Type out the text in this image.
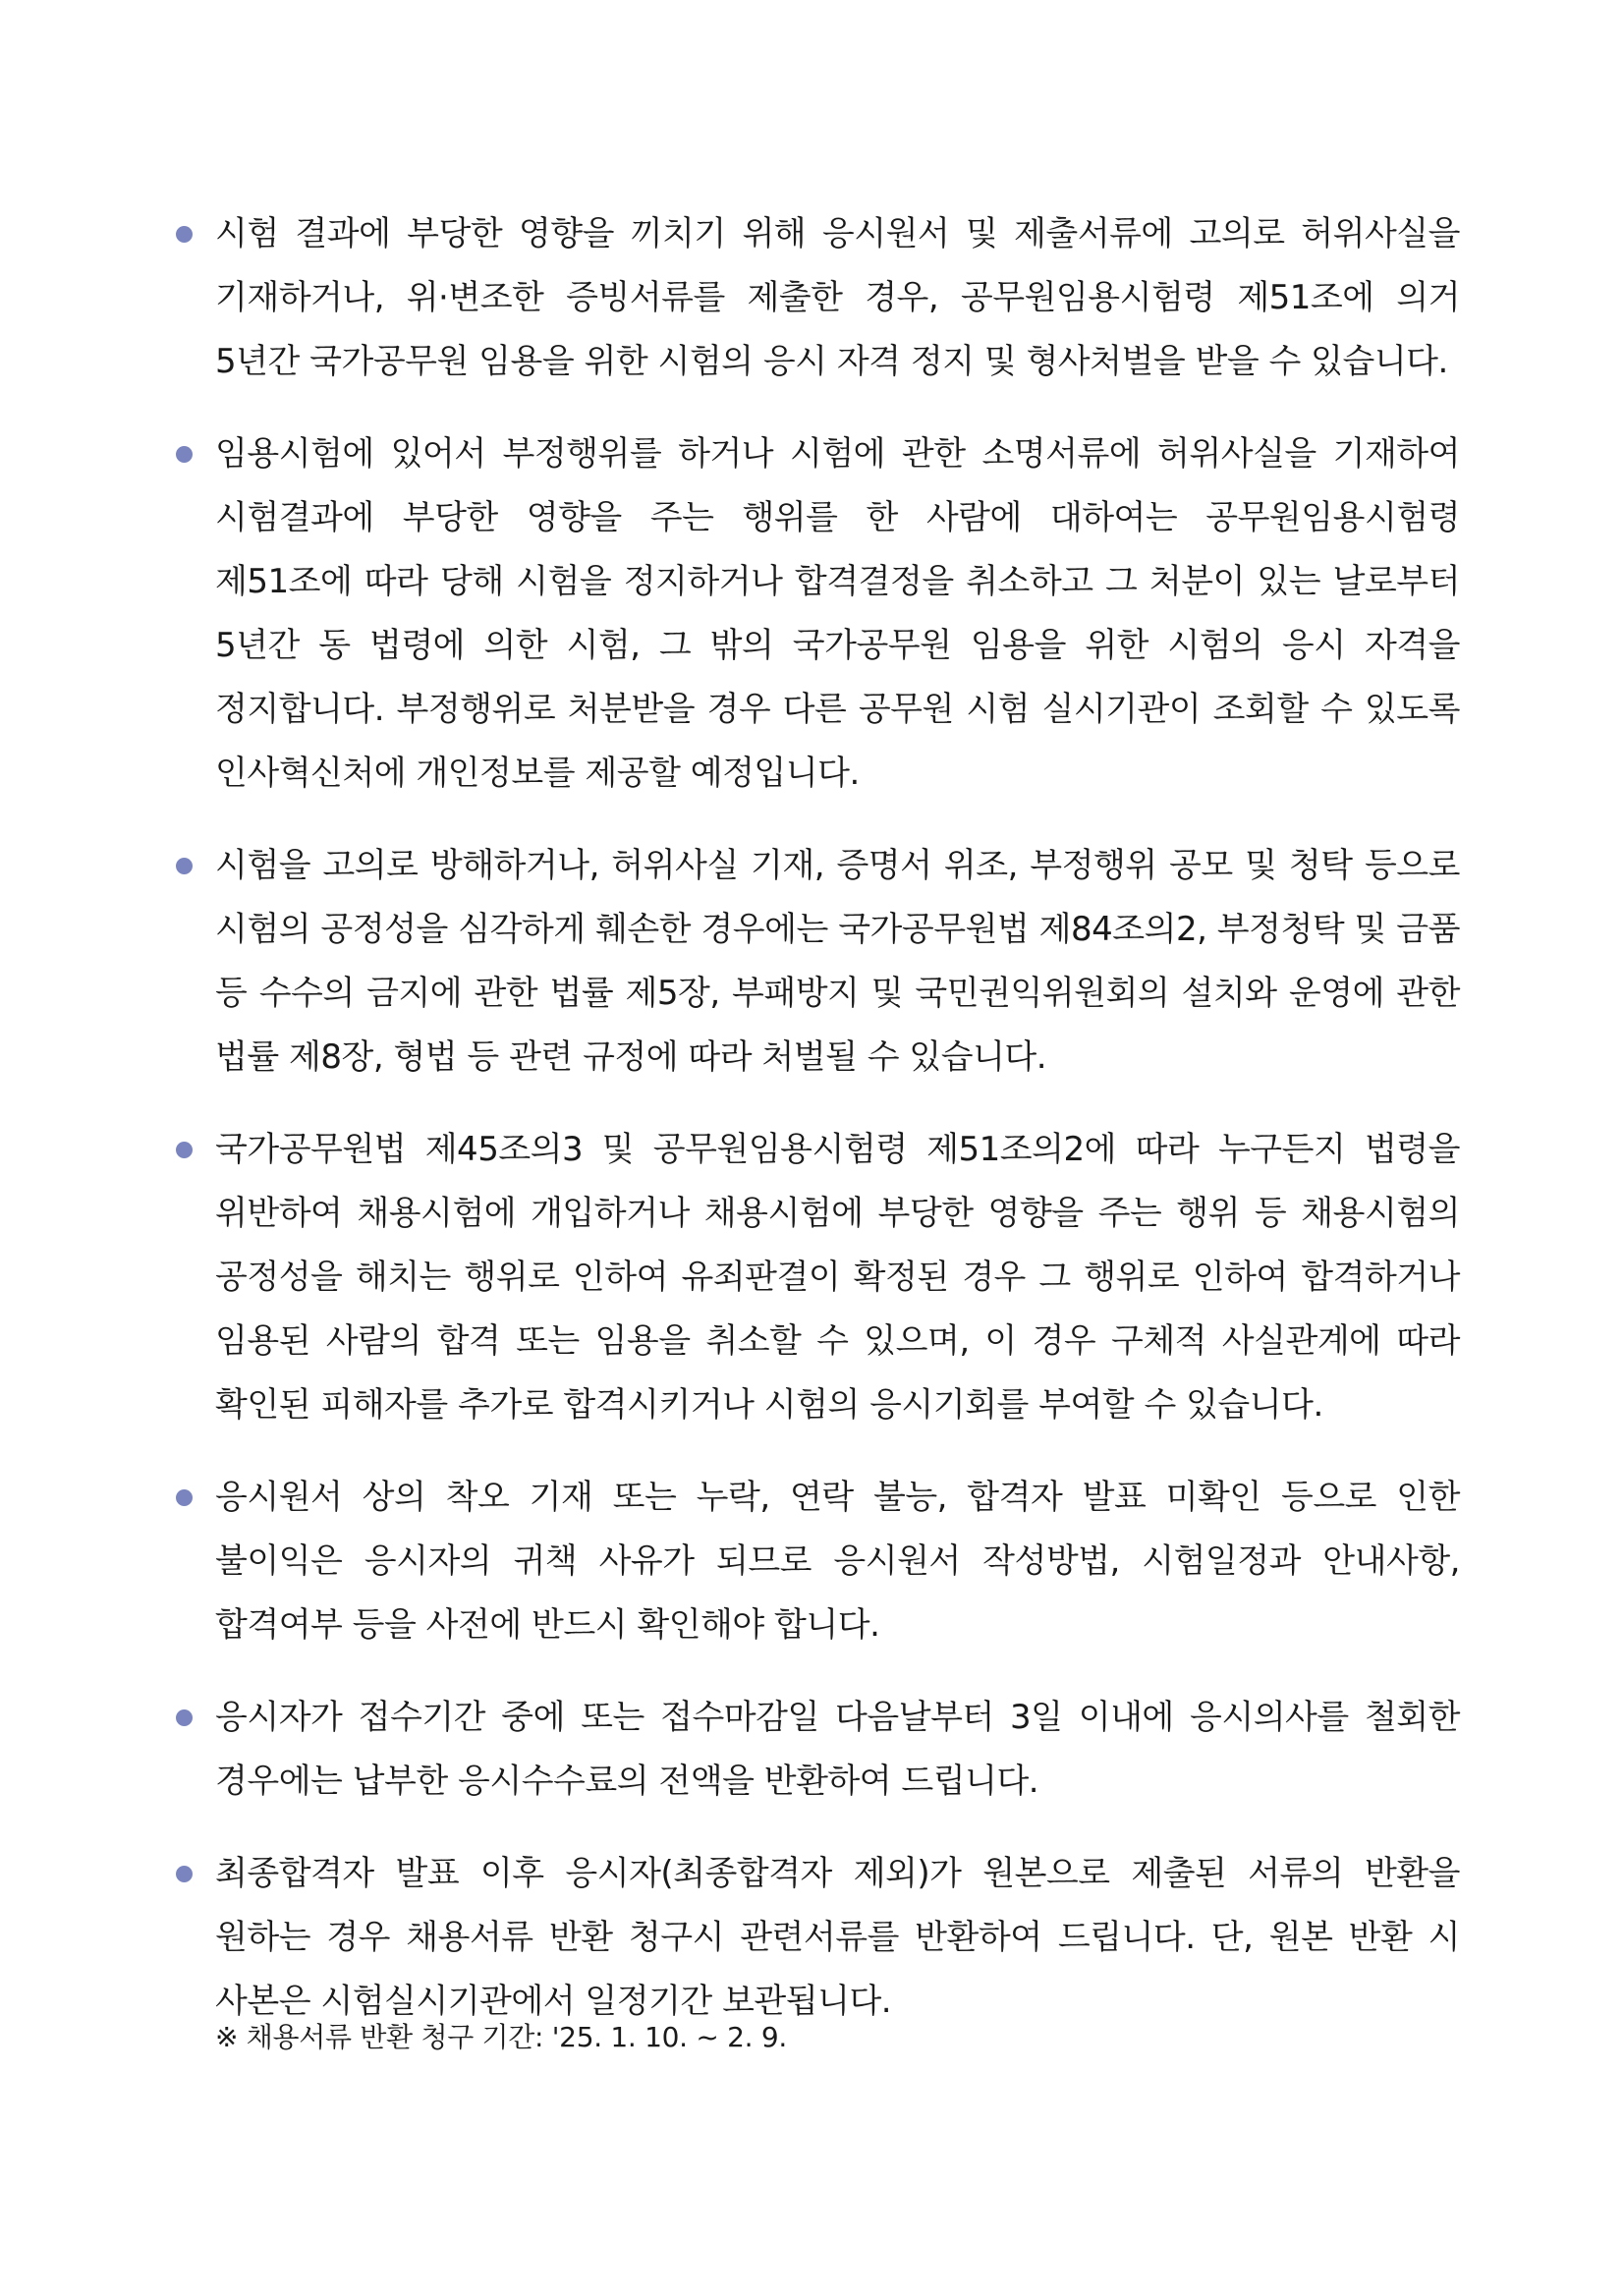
시험 결과에 부당한 영향을 끼치기 위해 응시원서 및 제출서류에 고의로 허위사실을 기재하거나, 위·변조한 증빙서류를 제출한 경우, 공무원임용시험령 제51조에 의거 5년간 국가공무원 임용을 위한 시험의 응시 자격 정지 및 형사처벌을 받을 수 있습니다.
임용시험에 있어서 부정행위를 하거나 시험에 관한 소명서류에 허위사실을 기재하여 시험결과에 부당한 영향을 주는 행위를 한 사람에 대하여는 공무원임용시험령 제51조에 따라 당해 시험을 정지하거나 합격결정을 취소하고 그 처분이 있는 날로부터 5년간 동 법령에 의한 시험, 그 밖의 국가공무원 임용을 위한 시험의 응시 자격을 정지합니다. 부정행위로 처분받을 경우 다른 공무원 시험 실시기관이 조회할 수 있도록 인사혁신처에 개인정보를 제공할 예정입니다.
시험을 고의로 방해하거나, 허위사실 기재, 증명서 위조, 부정행위 공모 및 청탁 등으로 시험의 공정성을 심각하게 훼손한 경우에는 국가공무원법 제84조의2, 부정청탁 및 금품 등 수수의 금지에 관한 법률 제5장, 부패방지 및 국민권익위원회의 설치와 운영에 관한 법률 제8장, 형법 등 관련 규정에 따라 처벌될 수 있습니다.
국가공무원법 제45조의3 및 공무원임용시험령 제51조의2에 따라 누구든지 법령을 위반하여 채용시험에 개입하거나 채용시험에 부당한 영향을 주는 행위 등 채용시험의 공정성을 해치는 행위로 인하여 유죄판결이 확정된 경우 그 행위로 인하여 합격하거나 임용된 사람의 합격 또는 임용을 취소할 수 있으며, 이 경우 구체적 사실관계에 따라 확인된 피해자를 추가로 합격시키거나 시험의 응시기회를 부여할 수 있습니다.
응시원서 상의 착오 기재 또는 누락, 연락 불능, 합격자 발표 미확인 등으로 인한 불이익은 응시자의 귀책 사유가 되므로 응시원서 작성방법, 시험일정과 안내사항, 합격여부 등을 사전에 반드시 확인해야 합니다.
응시자가 접수기간 중에 또는 접수마감일 다음날부터 3일 이내에 응시의사를 철회한 경우에는 납부한 응시수수료의 전액을 반환하여 드립니다.
최종합격자 발표 이후 응시자(최종합격자 제외)가 원본으로 제출된 서류의 반환을 원하는 경우 채용서류 반환 청구시 관련서류를 반환하여 드립니다. 단, 원본 반환 시 사본은 시험실시기관에서 일정기간 보관됩니다.
※ 채용서류 반환 청구 기간: '25. 1. 10. ~ 2. 9.
